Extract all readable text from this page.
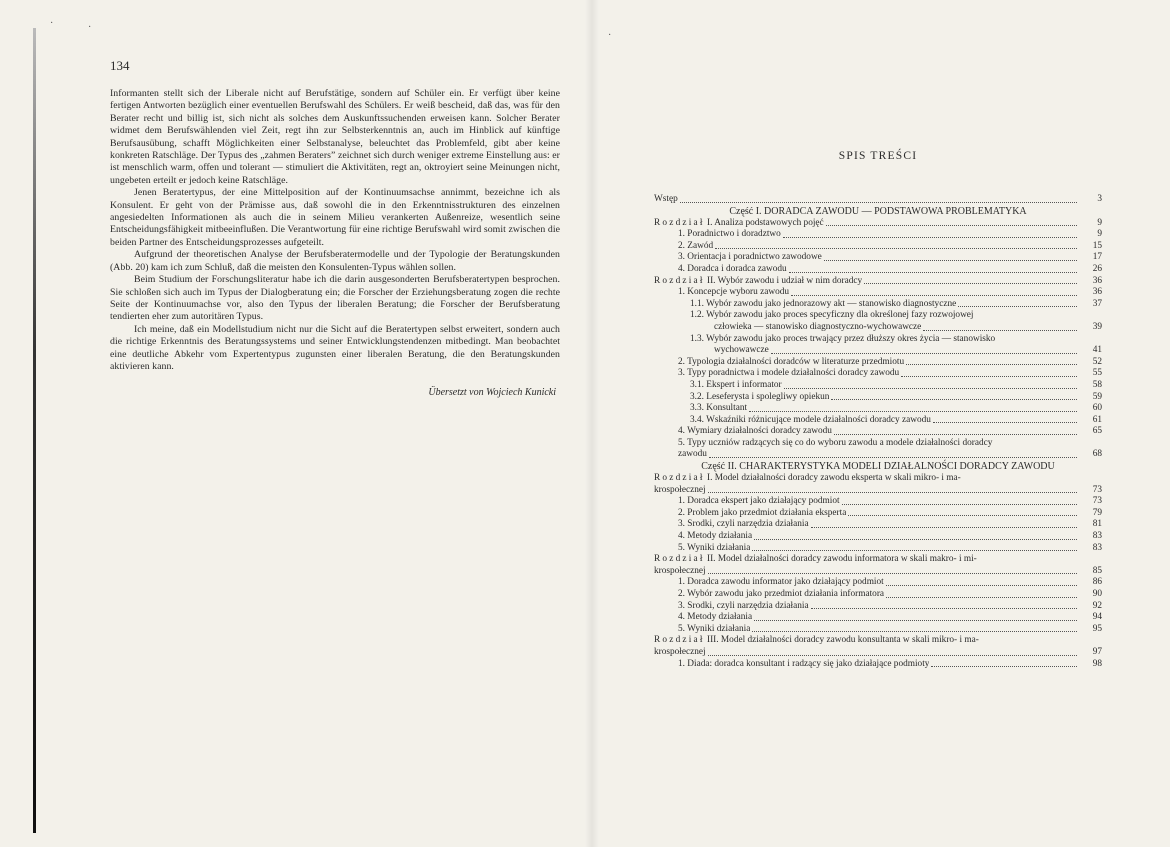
·	·
·
134

Informanten stellt sich der Liberale nicht auf Berufstätige, sondern auf Schüler ein. Er verfügt über keine fertigen Antworten bezüglich einer eventuellen Berufswahl des Schülers. Er weiß bescheid, daß das, was für den Berater recht und billig ist, sich nicht als solches dem Auskunftssuchenden erweisen kann. Solcher Berater widmet dem Berufswählenden viel Zeit, regt ihn zur Selbsterkenntnis an, auch im Hinblick auf künftige Berufsausübung, schafft Möglichkeiten einer Selbstanalyse, beleuchtet das Problemfeld, gibt aber keine konkreten Ratschläge. Der Typus des „zahmen Beraters” zeichnet sich durch weniger extreme Einstellung aus: er ist menschlich warm, offen und tolerant — stimuliert die Aktivitäten, regt an, oktroyiert seine Meinungen nicht, ungebeten erteilt er jedoch keine Ratschläge.

Jenen Beratertypus, der eine Mittelposition auf der Kontinuumsachse annimmt, bezeichne ich als Konsulent. Er geht von der Prämisse aus, daß sowohl die in den Erkenntnisstrukturen des einzelnen angesiedelten Informationen als auch die in seinem Milieu verankerten Außenreize, wesentlich seine Entscheidungsfähigkeit mitbeeinflußen. Die Verantwortung für eine richtige Berufswahl wird somit zwischen die beiden Partner des Entscheidungsprozesses aufgeteilt.

Aufgrund der theoretischen Analyse der Berufsberatermodelle und der Typologie der Beratungskunden (Abb. 20) kam ich zum Schluß, daß die meisten den Konsulenten-Typus wählen sollen.

Beim Studium der Forschungsliteratur habe ich die darin ausgesonderten Berufsberatertypen besprochen. Sie schloßen sich auch im Typus der Dialogberatung ein; die Forscher der Erziehungsberatung zogen die rechte Seite der Kontinuumachse vor, also den Typus der liberalen Beratung; die Forscher der Berufsberatung tendierten eher zum autoritären Typus.

Ich meine, daß ein Modellstudium nicht nur die Sicht auf die Beratertypen selbst erweitert, sondern auch die richtige Erkenntnis des Beratungssystems und seiner Entwicklungstendenzen mitbedingt. Man beobachtet eine deutliche Abkehr vom Expertentypus zugunsten einer liberalen Beratung, die den Beratungskunden aktivieren kann.

Übersetzt von Wojciech Kunicki
SPIS TREŚCI
Wstęp	3
Część I. DORADCA ZAWODU — PODSTAWOWA PROBLEMATYKA
Rozdział I. Analiza podstawowych pojęć	9
1. Poradnictwo i doradztwo	9
2. Zawód	15
3. Orientacja i poradnictwo zawodowe	17
4. Doradca i doradca zawodu	26
Rozdział II. Wybór zawodu i udział w nim doradcy	36
1. Koncepcje wyboru zawodu	36
1.1. Wybór zawodu jako jednorazowy akt — stanowisko diagnostyczne	37
1.2. Wybór zawodu jako proces specyficzny dla określonej fazy rozwojowej
człowieka — stanowisko diagnostyczno-wychowawcze	39
1.3. Wybór zawodu jako proces trwający przez dłuższy okres życia — stanowisko
wychowawcze	41
2. Typologia działalności doradców w literaturze przedmiotu	52
3. Typy poradnictwa i modele działalności doradcy zawodu	55
3.1. Ekspert i informator	58
3.2. Leseferysta i spolegliwy opiekun	59
3.3. Konsultant	60
3.4. Wskaźniki różnicujące modele działalności doradcy zawodu	61
4. Wymiary działalności doradcy zawodu	65
5. Typy uczniów radzących się co do wyboru zawodu a modele działalności doradcy
zawodu	68
Część II. CHARAKTERYSTYKA MODELI DZIAŁALNOŚCI DORADCY ZAWODU
Rozdział I. Model działalności doradcy zawodu eksperta w skali mikro- i ma-
krospołecznej	73
1. Doradca ekspert jako działający podmiot	73
2. Problem jako przedmiot działania eksperta	79
3. Środki, czyli narzędzia działania	81
4. Metody działania	83
5. Wyniki działania	83
Rozdział II. Model działalności doradcy zawodu informatora w skali makro- i mi-
krospołecznej	85
1. Doradca zawodu informator jako działający podmiot	86
2. Wybór zawodu jako przedmiot działania informatora	90
3. Środki, czyli narzędzia działania	92
4. Metody działania	94
5. Wyniki działania	95
Rozdział III. Model działalności doradcy zawodu konsultanta w skali mikro- i ma-
krospołecznej	97
1. Diada: doradca konsultant i radzący się jako działające podmioty	98
